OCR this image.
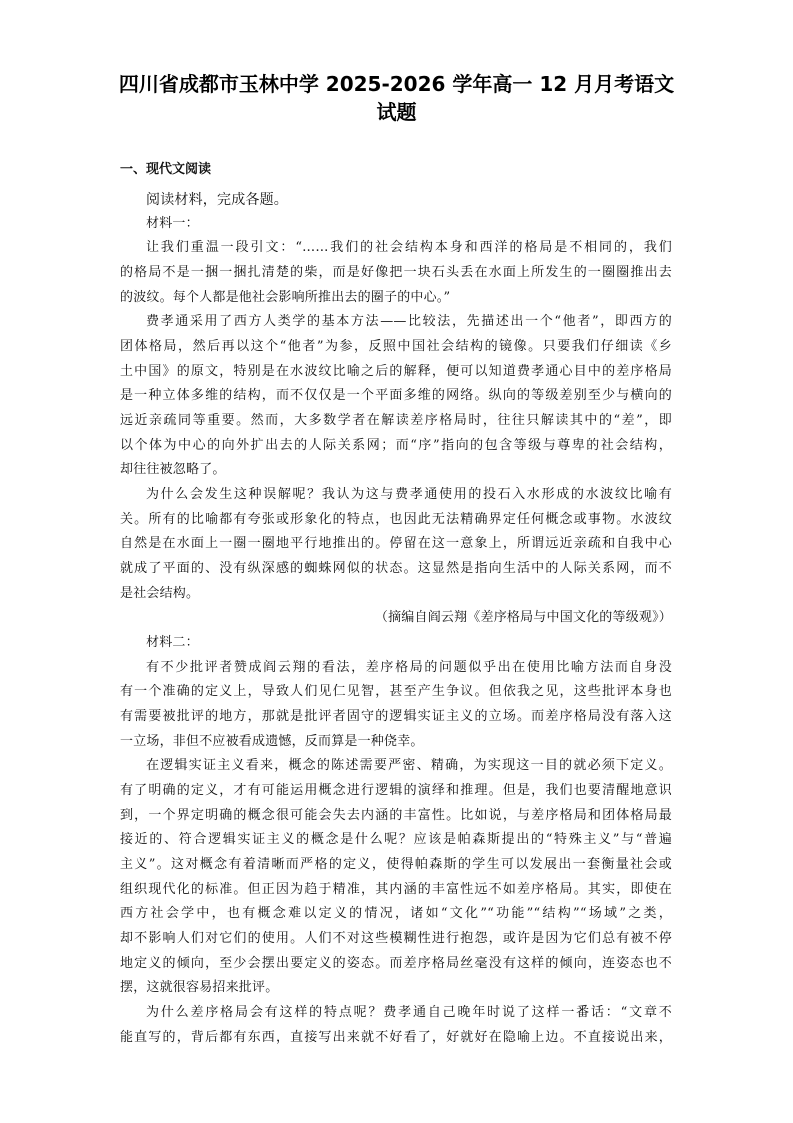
四川省成都市玉林中学 2025-2026 学年高一 12 月月考语文
试题
一、现代文阅读
阅读材料，完成各题。
材料一：
让我们重温一段引文：“……我们的社会结构本身和西洋的格局是不相同的，我们
的格局不是一捆一捆扎清楚的柴，而是好像把一块石头丢在水面上所发生的一圈圈推出去
的波纹。每个人都是他社会影响所推出去的圈子的中心。”
费孝通采用了西方人类学的基本方法——比较法，先描述出一个“他者”，即西方的
团体格局，然后再以这个“他者”为参，反照中国社会结构的镜像。只要我们仔细读《乡
土中国》的原文，特别是在水波纹比喻之后的解释，便可以知道费孝通心目中的差序格局
是一种立体多维的结构，而不仅仅是一个平面多维的网络。纵向的等级差别至少与横向的
远近亲疏同等重要。然而，大多数学者在解读差序格局时，往往只解读其中的“差”，即
以个体为中心的向外扩出去的人际关系网；而“序”指向的包含等级与尊卑的社会结构，
却往往被忽略了。
为什么会发生这种误解呢？我认为这与费孝通使用的投石入水形成的水波纹比喻有
关。所有的比喻都有夸张或形象化的特点，也因此无法精确界定任何概念或事物。水波纹
自然是在水面上一圈一圈地平行地推出的。停留在这一意象上，所谓远近亲疏和自我中心
就成了平面的、没有纵深感的蜘蛛网似的状态。这显然是指向生活中的人际关系网，而不
是社会结构。
（摘编自阎云翔《差序格局与中国文化的等级观》）
材料二：
有不少批评者赞成阎云翔的看法，差序格局的问题似乎出在使用比喻方法而自身没
有一个准确的定义上，导致人们见仁见智，甚至产生争议。但依我之见，这些批评本身也
有需要被批评的地方，那就是批评者固守的逻辑实证主义的立场。而差序格局没有落入这
一立场，非但不应被看成遗憾，反而算是一种侥幸。
在逻辑实证主义看来，概念的陈述需要严密、精确，为实现这一目的就必须下定义。
有了明确的定义，才有可能运用概念进行逻辑的演绎和推理。但是，我们也要清醒地意识
到，一个界定明确的概念很可能会失去内涵的丰富性。比如说，与差序格局和团体格局最
接近的、符合逻辑实证主义的概念是什么呢？应该是帕森斯提出的“特殊主义”与“普遍
主义”。这对概念有着清晰而严格的定义，使得帕森斯的学生可以发展出一套衡量社会或
组织现代化的标准。但正因为趋于精准，其内涵的丰富性远不如差序格局。其实，即使在
西方社会学中，也有概念难以定义的情况，诸如“文化”“功能”“结构”“场域”之类，
却不影响人们对它们的使用。人们不对这些模糊性进行抱怨，或许是因为它们总有被不停
地定义的倾向，至少会摆出要定义的姿态。而差序格局丝毫没有这样的倾向，连姿态也不
摆，这就很容易招来批评。
为什么差序格局会有这样的特点呢？费孝通自己晚年时说了这样一番话：“文章不
能直写的，背后都有东西，直接写出来就不好看了，好就好在隐喻上边。不直接说出来，
